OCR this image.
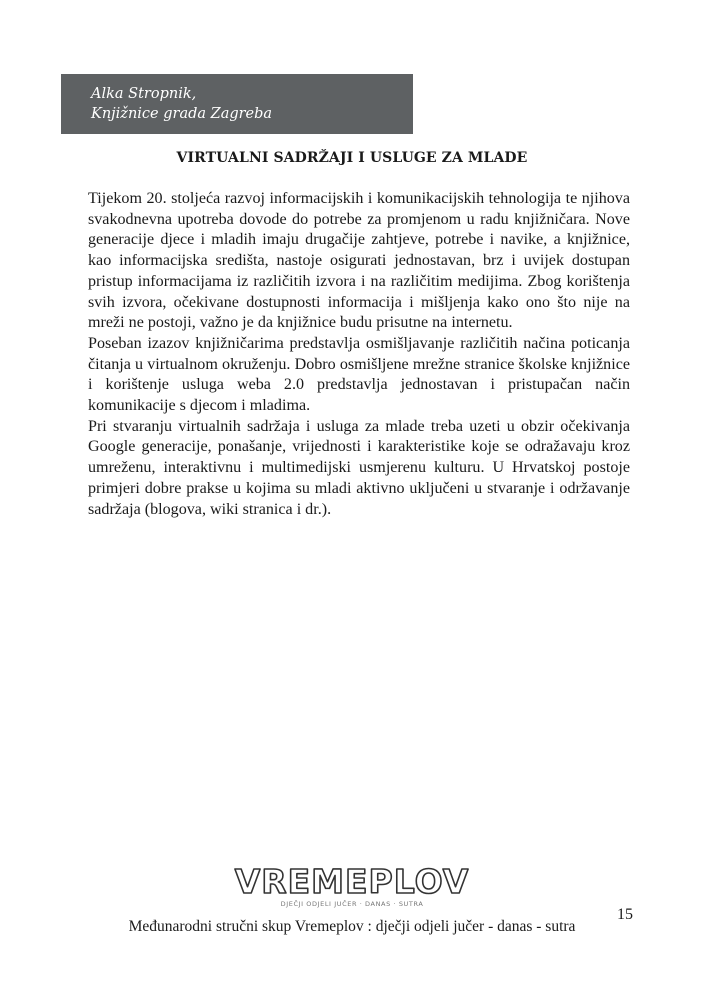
Alka Stropnik,
Knjižnice grada Zagreba
VIRTUALNI SADRŽAJI I USLUGE ZA MLADE

Tijekom 20. stoljeća razvoj informacijskih i komunikacijskih tehnologija te njihova svakodnevna upotreba dovode do potrebe za promjenom u radu knjižničara. Nove generacije djece i mladih imaju drugačije zahtjeve, potrebe i navike, a knjižnice, kao informacijska središta, nastoje osigurati jednostavan, brz i uvijek dostupan pristup informacijama iz različitih izvora i na različitim medijima. Zbog korištenja svih izvora, očekivane dostupnosti informacija i mišljenja kako ono što nije na mreži ne postoji, važno je da knjižnice budu prisutne na internetu.

Poseban izazov knjižničarima predstavlja osmišljavanje različitih načina poticanja čitanja u virtualnom okruženju. Dobro osmišljene mrežne stranice školske knjižnice i korištenje usluga weba 2.0 predstavlja jednostavan i pristupačan način komunikacije s djecom i mladima.

Pri stvaranju virtualnih sadržaja i usluga za mlade treba uzeti u obzir očekivanja Google generacije, ponašanje, vrijednosti i karakteristike koje se odražavaju kroz umreženu, interaktivnu i multimedijski usmjerenu kulturu. U Hrvatskoj postoje primjeri dobre prakse u kojima su mladi aktivno uključeni u stvaranje i održavanje sadržaja (blogova, wiki stranica i dr.).

VREMEPLOV
DJEČJI ODJELI JUČER · DANAS · SUTRA
15
Međunarodni stručni skup Vremeplov : dječji odjeli jučer - danas - sutra
